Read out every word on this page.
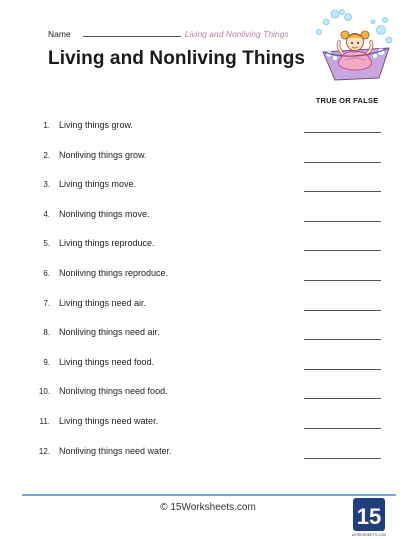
Name	Living and Nonliving Things
Living and Nonliving Things
TRUE OR FALSE
1. Living things grow.
2. Nonliving things grow.
3. Living things move.
4. Nonliving things move.
5. Living things reproduce.
6. Nonliving things reproduce.
7. Living things need air.
8. Nonliving things need air.
9. Living things need food.
10. Nonliving things need food.
11. Living things need water.
12. Nonliving things need water.
© 15Worksheets.com	15
WORKSHEETS.COM
